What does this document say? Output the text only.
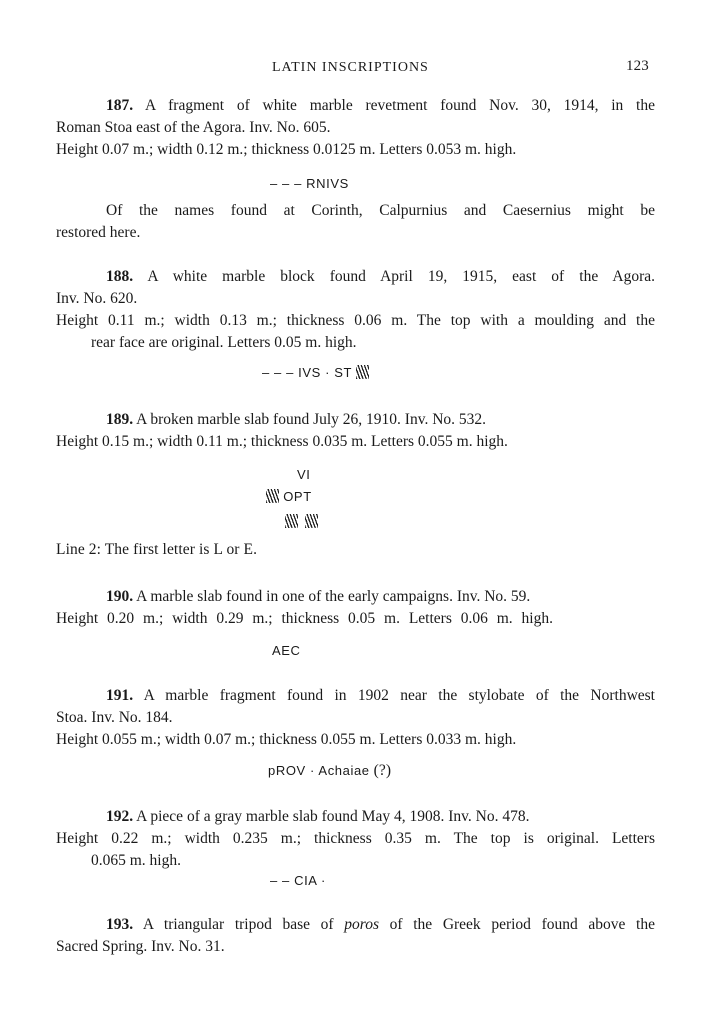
LATIN INSCRIPTIONS	123

187. A fragment of white marble revetment found Nov. 30, 1914, in the

Roman Stoa east of the Agora. Inv. No. 605.

Height 0.07 m.; width 0.12 m.; thickness 0.0125 m. Letters 0.053 m. high.

– – – RNIVS

Of the names found at Corinth, Calpurnius and Caesernius might be

restored here.

188. A white marble block found April 19, 1915, east of the Agora.

Inv. No. 620.

Height 0.11 m.; width 0.13 m.; thickness 0.06 m. The top with a moulding and the

rear face are original. Letters 0.05 m. high.

– – – IVS · ST

189. A broken marble slab found July 26, 1910. Inv. No. 532.

Height 0.15 m.; width 0.11 m.; thickness 0.035 m. Letters 0.055 m. high.

VI
OPT

Line 2: The first letter is L or E.

190. A marble slab found in one of the early campaigns. Inv. No. 59.

Height 0.20 m.; width 0.29 m.; thickness 0.05 m. Letters 0.06 m. high.

AEC

191. A marble fragment found in 1902 near the stylobate of the Northwest

Stoa. Inv. No. 184.

Height 0.055 m.; width 0.07 m.; thickness 0.055 m. Letters 0.033 m. high.

pROV · Achaiae (?)

192. A piece of a gray marble slab found May 4, 1908. Inv. No. 478.

Height 0.22 m.; width 0.235 m.; thickness 0.35 m. The top is original. Letters

0.065 m. high.

– – CIA ·

193. A triangular tripod base of poros of the Greek period found above the

Sacred Spring. Inv. No. 31.
